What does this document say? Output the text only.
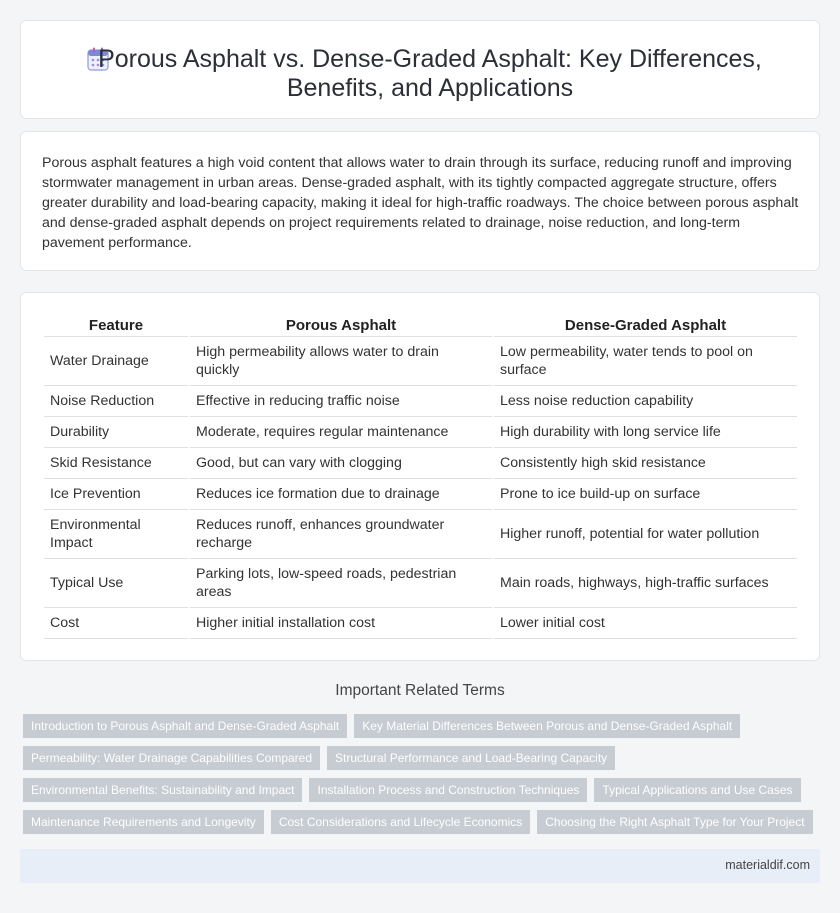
Porous Asphalt vs. Dense-Graded Asphalt: Key Differences, Benefits, and Applications

Porous asphalt features a high void content that allows water to drain through its surface, reducing runoff and improving stormwater management in urban areas. Dense-graded asphalt, with its tightly compacted aggregate structure, offers greater durability and load-bearing capacity, making it ideal for high-traffic roadways. The choice between porous asphalt and dense-graded asphalt depends on project requirements related to drainage, noise reduction, and long-term pavement performance.

Feature	Porous Asphalt	Dense-Graded Asphalt
Water Drainage	High permeability allows water to drain quickly	Low permeability, water tends to pool on surface
Noise Reduction	Effective in reducing traffic noise	Less noise reduction capability
Durability	Moderate, requires regular maintenance	High durability with long service life
Skid Resistance	Good, but can vary with clogging	Consistently high skid resistance
Ice Prevention	Reduces ice formation due to drainage	Prone to ice build-up on surface
Environmental Impact	Reduces runoff, enhances groundwater recharge	Higher runoff, potential for water pollution
Typical Use	Parking lots, low-speed roads, pedestrian areas	Main roads, highways, high-traffic surfaces
Cost	Higher initial installation cost	Lower initial cost
Important Related Terms
Introduction to Porous Asphalt and Dense-Graded Asphalt	Key Material Differences Between Porous and Dense-Graded Asphalt
Permeability: Water Drainage Capabilities Compared	Structural Performance and Load-Bearing Capacity
Environmental Benefits: Sustainability and Impact	Installation Process and Construction Techniques	Typical Applications and Use Cases
Maintenance Requirements and Longevity	Cost Considerations and Lifecycle Economics	Choosing the Right Asphalt Type for Your Project
materialdif.com
